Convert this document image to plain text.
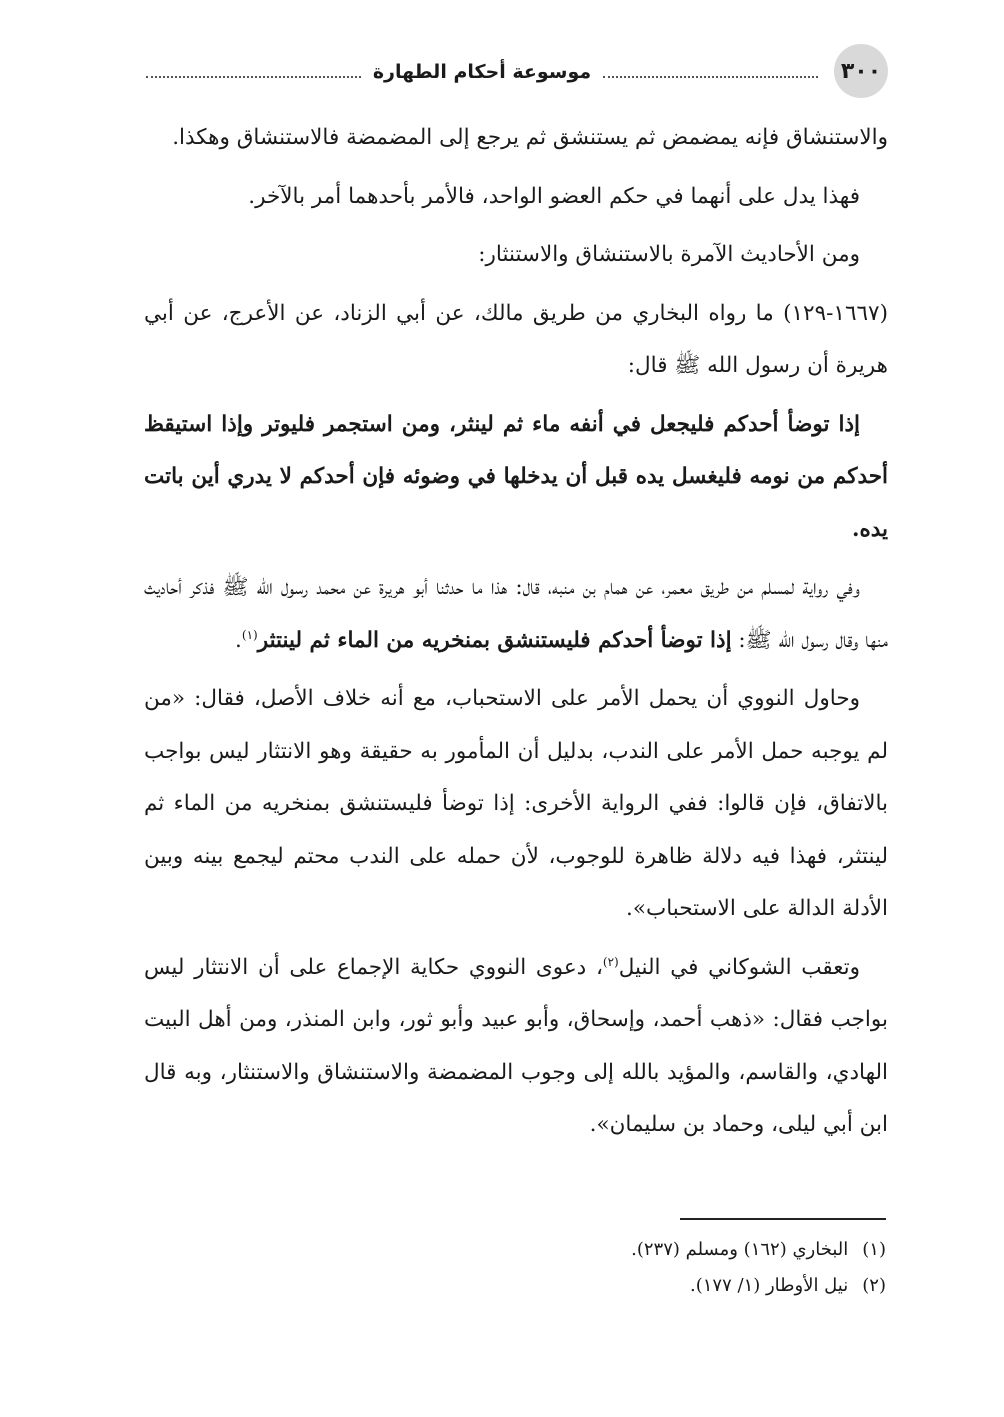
٣٠٠
موسوعة أحكام الطهارة

والاستنشاق فإنه يمضمض ثم يستنشق ثم يرجع إلى المضمضة فالاستنشاق وهكذا.

فهذا يدل على أنهما في حكم العضو الواحد، فالأمر بأحدهما أمر بالآخر.

ومن الأحاديث الآمرة بالاستنشاق والاستنثار:

(١٦٦٧-١٢٩) ما رواه البخاري من طريق مالك، عن أبي الزناد، عن الأعرج، عن أبي هريرة أن رسول الله ﷺ قال:

إذا توضأ أحدكم فليجعل في أنفه ماء ثم لينثر، ومن استجمر فليوتر وإذا استيقظ أحدكم من نومه فليغسل يده قبل أن يدخلها في وضوئه فإن أحدكم لا يدري أين باتت يده.

وفي رواية لمسلم من طريق معمر، عن همام بن منبه، قال: هذا ما حدثنا أبو هريرة عن محمد رسول الله ﷺ فذكر أحاديث منها وقال رسول الله ﷺ: إذا توضأ أحدكم فليستنشق بمنخريه من الماء ثم لينتثر$^{(١)}$.

وحاول النووي أن يحمل الأمر على الاستحباب، مع أنه خلاف الأصل، فقال: «من لم يوجبه حمل الأمر على الندب، بدليل أن المأمور به حقيقة وهو الانتثار ليس بواجب بالاتفاق، فإن قالوا: ففي الرواية الأخرى: إذا توضأ فليستنشق بمنخريه من الماء ثم لينتثر، فهذا فيه دلالة ظاهرة للوجوب، لأن حمله على الندب محتم ليجمع بينه وبين الأدلة الدالة على الاستحباب».

وتعقب الشوكاني في النيل$^{(٢)}$، دعوى النووي حكاية الإجماع على أن الانتثار ليس بواجب فقال: «ذهب أحمد، وإسحاق، وأبو عبيد وأبو ثور، وابن المنذر، ومن أهل البيت الهادي، والقاسم، والمؤيد بالله إلى وجوب المضمضة والاستنشاق والاستنثار، وبه قال ابن أبي ليلى، وحماد بن سليمان».

(١)
البخاري (١٦٢) ومسلم (٢٣٧).
(٢)
نيل الأوطار (١/ ١٧٧).
